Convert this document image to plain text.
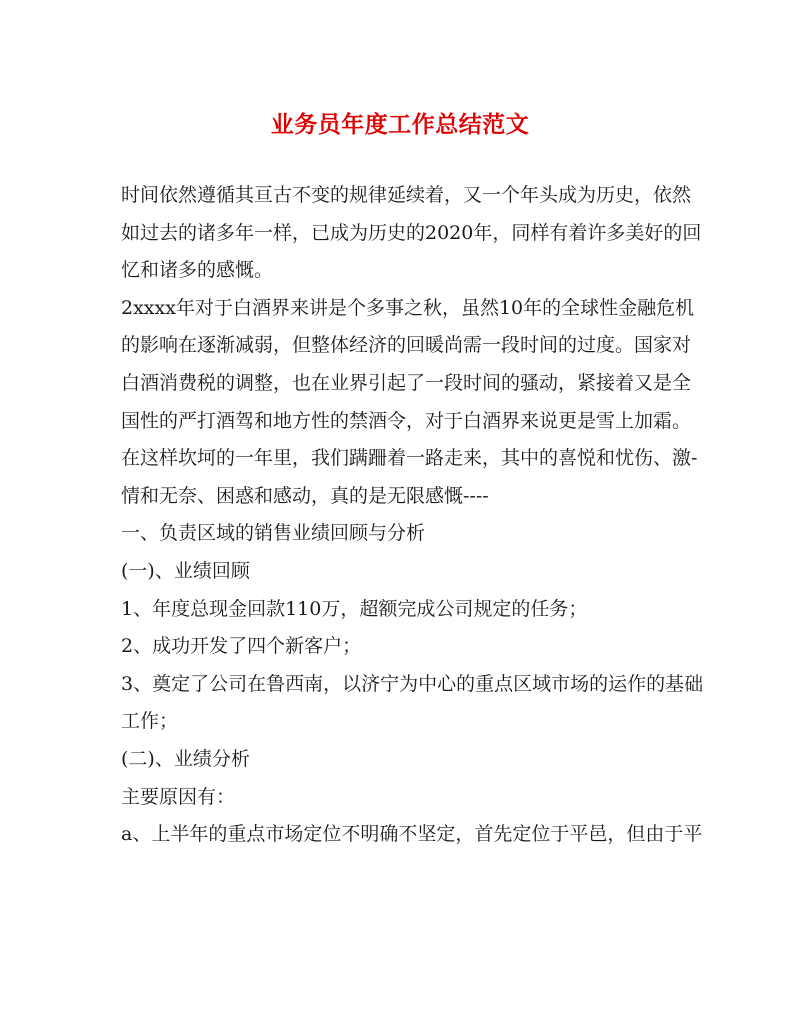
业务员年度工作总结范文
时间依然遵循其亘古不变的规律延续着，又一个年头成为历史，依然
如过去的诸多年一样，已成为历史的2020年，同样有着许多美好的回
忆和诸多的感慨。
2xxxx年对于白酒界来讲是个多事之秋，虽然10年的全球性金融危机
的影响在逐渐减弱，但整体经济的回暖尚需一段时间的过度。国家对
白酒消费税的调整，也在业界引起了一段时间的骚动，紧接着又是全
国性的严打酒驾和地方性的禁酒令，对于白酒界来说更是雪上加霜。
在这样坎坷的一年里，我们蹒跚着一路走来，其中的喜悦和忧伤、激-
情和无奈、困惑和感动，真的是无限感慨----
一、负责区域的销售业绩回顾与分析
(一)、业绩回顾
1、年度总现金回款110万，超额完成公司规定的任务；
2、成功开发了四个新客户；
3、奠定了公司在鲁西南，以济宁为中心的重点区域市场的运作的基础
工作；
(二)、业绩分析
主要原因有：
a、上半年的重点市场定位不明确不坚定，首先定位于平邑，但由于平
